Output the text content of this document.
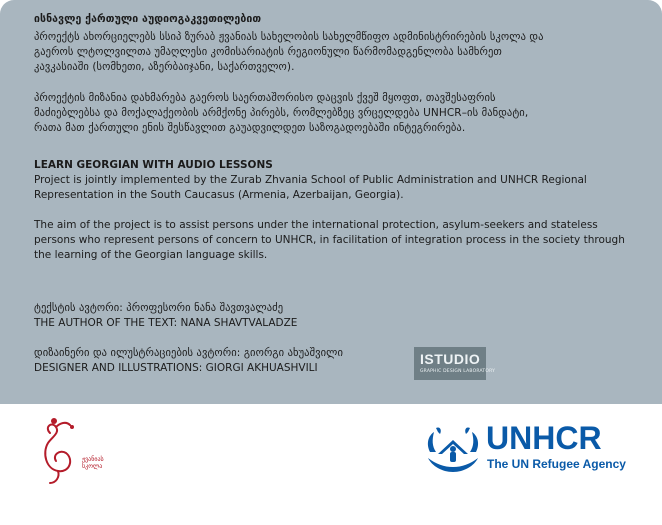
ისნავლე ქართული აუდიოგაკვეთილებით

პროექტს ახორციელებს სსიპ ზურაბ ჟვანიას სახელობის სახელმწიფო ადმინისტრირების სკოლა და

გაეროს ლტოლვილთა უმაღლესი კომისარიატის რეგიონული წარმომადგენლობა სამხრეთ

კავკასიაში (სომხეთი, აზერბაიჯანი, საქართველო).

პროექტის მიზანია დახმარება გაეროს საერთაშორისო დაცვის ქვეშ მყოფთ, თავშესაფრის

მაძიებლებსა და მოქალაქეობის არმქონე პირებს, რომლებზეც ვრცელდება UNHCR–ის მანდატი,

რათა მათ ქართული ენის შესწავლით გაუადვილდეთ საზოგადოებაში ინტეგრირება.

LEARN GEORGIAN WITH AUDIO LESSONS

Project is jointly implemented by the Zurab Zhvania School of Public Administration and UNHCR Regional

Representation in the South Caucasus (Armenia, Azerbaijan, Georgia).

The aim of the project is to assist persons under the international protection, asylum-seekers and stateless

persons who represent persons of concern to UNHCR, in facilitation of integration process in the society through

the learning of the Georgian language skills.

ტექსტის ავტორი: პროფესორი ნანა შავთვალაძე

THE AUTHOR OF THE TEXT: NANA SHAVTVALADZE

დიზაინერი და ილუსტრაციების ავტორი: გიორგი ახუაშვილი

DESIGNER AND ILLUSTRATIONS: GIORGI AKHUASHVILI

ISTUDIO
GRAPHIC DESIGN LABORATORY
ჟვანიას
სკოლა
UNHCR
The UN Refugee Agency
